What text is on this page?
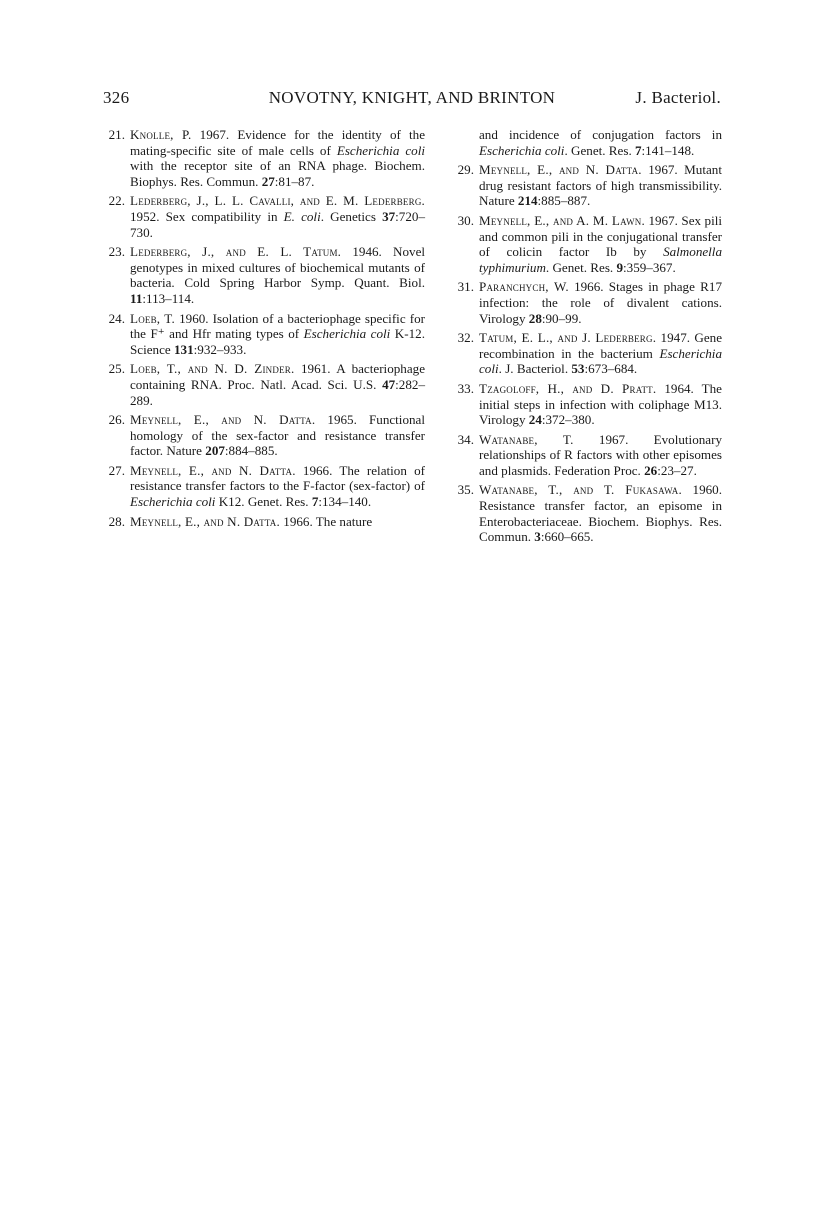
326	NOVOTNY, KNIGHT, AND BRINTON	J. Bacteriol.
21. Knolle, P. 1967. Evidence for the identity of the mating-specific site of male cells of Escherichia coli with the receptor site of an RNA phage. Biochem. Biophys. Res. Commun. 27:81–87.
22. Lederberg, J., L. L. Cavalli, and E. M. Lederberg. 1952. Sex compatibility in E. coli. Genetics 37:720–730.
23. Lederberg, J., and E. L. Tatum. 1946. Novel genotypes in mixed cultures of biochemical mutants of bacteria. Cold Spring Harbor Symp. Quant. Biol. 11:113–114.
24. Loeb, T. 1960. Isolation of a bacteriophage specific for the F⁺ and Hfr mating types of Escherichia coli K-12. Science 131:932–933.
25. Loeb, T., and N. D. Zinder. 1961. A bacteriophage containing RNA. Proc. Natl. Acad. Sci. U.S. 47:282–289.
26. Meynell, E., and N. Datta. 1965. Functional homology of the sex-factor and resistance transfer factor. Nature 207:884–885.
27. Meynell, E., and N. Datta. 1966. The relation of resistance transfer factors to the F-factor (sex-factor) of Escherichia coli K12. Genet. Res. 7:134–140.
28. Meynell, E., and N. Datta. 1966. The nature
and incidence of conjugation factors in Escherichia coli. Genet. Res. 7:141–148.
29. Meynell, E., and N. Datta. 1967. Mutant drug resistant factors of high transmissibility. Nature 214:885–887.
30. Meynell, E., and A. M. Lawn. 1967. Sex pili and common pili in the conjugational transfer of colicin factor Ib by Salmonella typhimurium. Genet. Res. 9:359–367.
31. Paranchych, W. 1966. Stages in phage R17 infection: the role of divalent cations. Virology 28:90–99.
32. Tatum, E. L., and J. Lederberg. 1947. Gene recombination in the bacterium Escherichia coli. J. Bacteriol. 53:673–684.
33. Tzagoloff, H., and D. Pratt. 1964. The initial steps in infection with coliphage M13. Virology 24:372–380.
34. Watanabe, T. 1967. Evolutionary relationships of R factors with other episomes and plasmids. Federation Proc. 26:23–27.
35. Watanabe, T., and T. Fukasawa. 1960. Resistance transfer factor, an episome in Enterobacteriaceae. Biochem. Biophys. Res. Commun. 3:660–665.
